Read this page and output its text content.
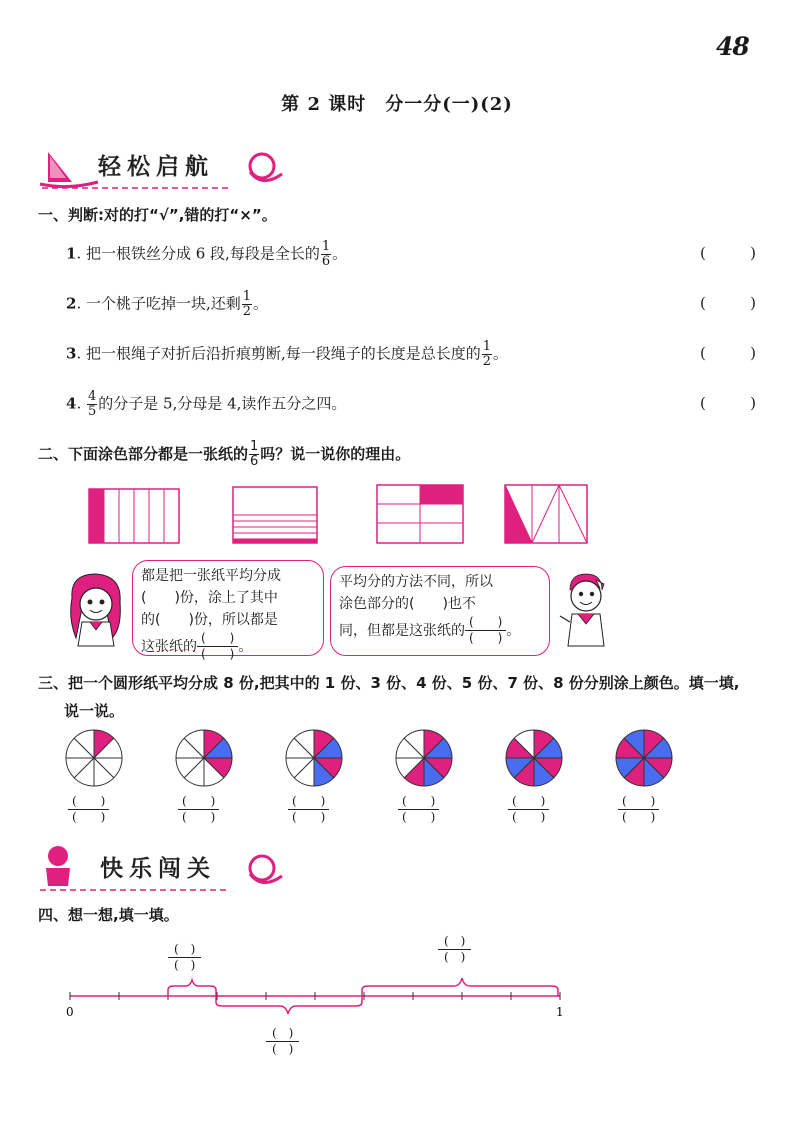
48
第 2 课时　分一分(一)(2)
轻松启航
一、判断:对的打“√”,错的打“×”。
1. 把一根铁丝分成 6 段,每段是全长的 $\frac{1}{6}$ 。	(	)
2. 一个桃子吃掉一块,还剩 $\frac{1}{2}$ 。	(	)
3. 把一根绳子对折后沿折痕剪断,每一段绳子的长度是总长度的 $\frac{1}{2}$ 。	(	)
4. $\frac{4}{5}$ 的分子是 5,分母是 4,读作五分之四。	(	)
二、下面涂色部分都是一张纸的 $\frac{1}{6}$ 吗？说一说你的理由。
都是把一张纸平均分成
(　　)份，涂上了其中
的(　　)份，所以都是
这张纸的
(　　)
(　　) 。
平均分的方法不同，所以
涂色部分的(　　)也不
同，但都是这张纸的
(　　)
(　　) 。
三、把一个圆形纸平均分成 8 份,把其中的 1 份、3 份、4 份、5 份、7 份、8 份分别涂上颜色。填一填,
说一说。
(　　)
(　　)
(　　)
(　　)
(　　)
(　　)
(　　)
(　　)
(　　)
(　　)
(　　)
(　　)
快乐闯关
四、想一想,填一填。
0	1
(　)
(　)
(　)
(　)
(　)
(　)
